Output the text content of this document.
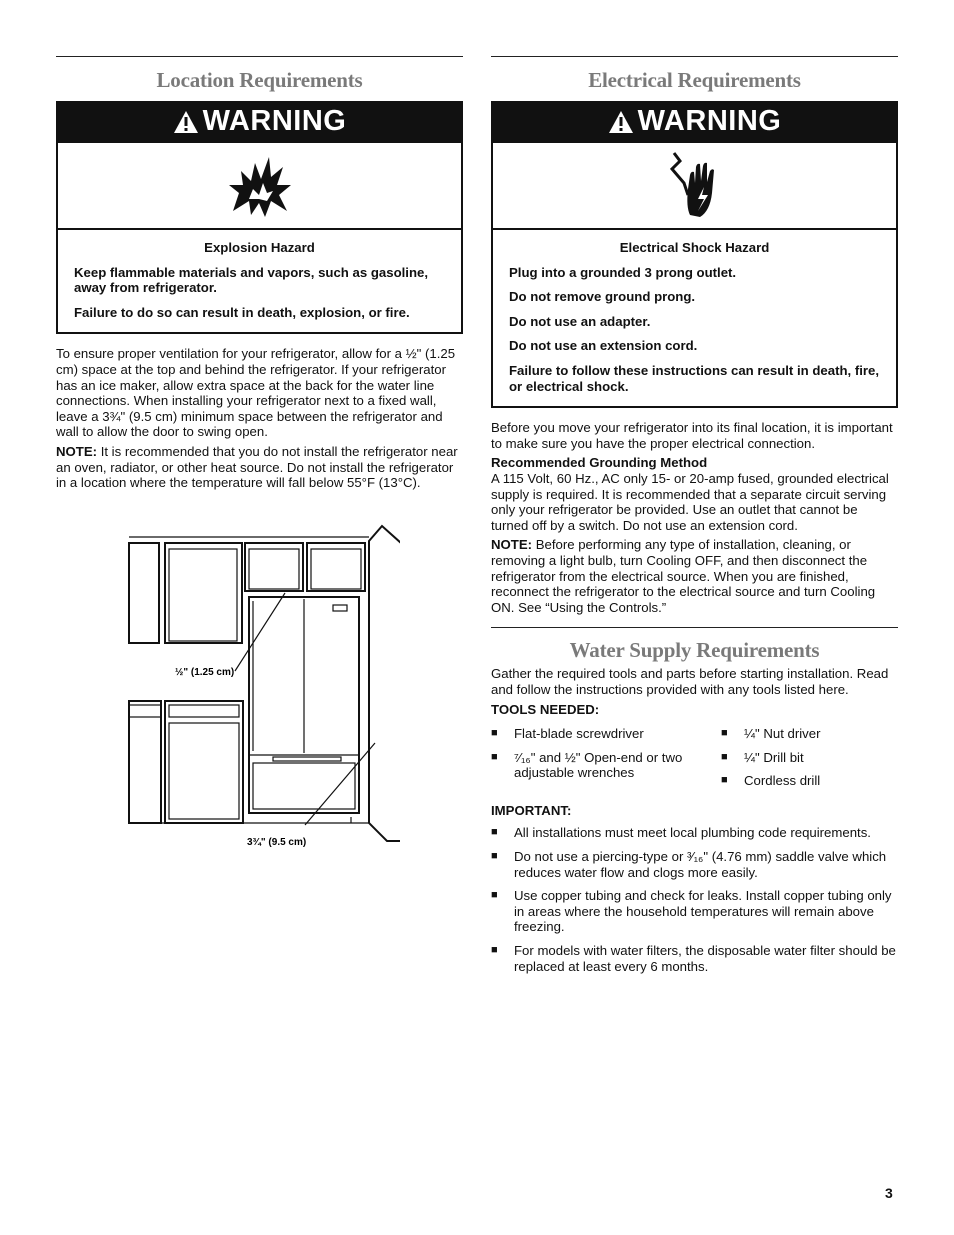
Location Requirements
WARNING
Explosion Hazard

Keep flammable materials and vapors, such as gasoline, away from refrigerator.

Failure to do so can result in death, explosion, or fire.

To ensure proper ventilation for your refrigerator, allow for a ½" (1.25 cm) space at the top and behind the refrigerator. If your refrigerator has an ice maker, allow extra space at the back for the water line connections. When installing your refrigerator next to a fixed wall, leave a 3¾" (9.5 cm) minimum space between the refrigerator and wall to allow the door to swing open.

NOTE: It is recommended that you do not install the refrigerator near an oven, radiator, or other heat source. Do not install the refrigerator in a location where the temperature will fall below 55°F (13°C).

½" (1.25 cm)
3¾" (9.5 cm)
Electrical Requirements
WARNING
Electrical Shock Hazard

Plug into a grounded 3 prong outlet.

Do not remove ground prong.

Do not use an adapter.

Do not use an extension cord.

Failure to follow these instructions can result in death, fire, or electrical shock.

Before you move your refrigerator into its final location, it is important to make sure you have the proper electrical connection.

Recommended Grounding Method

A 115 Volt, 60 Hz., AC only 15- or 20-amp fused, grounded electrical supply is required. It is recommended that a separate circuit serving only your refrigerator be provided. Use an outlet that cannot be turned off by a switch. Do not use an extension cord.

NOTE: Before performing any type of installation, cleaning, or removing a light bulb, turn Cooling OFF, and then disconnect the refrigerator from the electrical source. When you are finished, reconnect the refrigerator to the electrical source and turn Cooling ON. See “Using the Controls.”

Water Supply Requirements

Gather the required tools and parts before starting installation. Read and follow the instructions provided with any tools listed here.

TOOLS NEEDED:
■ Flat-blade screwdriver
■ ⁷⁄₁₆" and ½" Open-end or two adjustable wrenches
■ ¼" Nut driver
■ ¼" Drill bit
■ Cordless drill
IMPORTANT:
■ All installations must meet local plumbing code requirements.
■ Do not use a piercing-type or ³⁄₁₆" (4.76 mm) saddle valve which reduces water flow and clogs more easily.
■ Use copper tubing and check for leaks. Install copper tubing only in areas where the household temperatures will remain above freezing.
■ For models with water filters, the disposable water filter should be replaced at least every 6 months.
3
